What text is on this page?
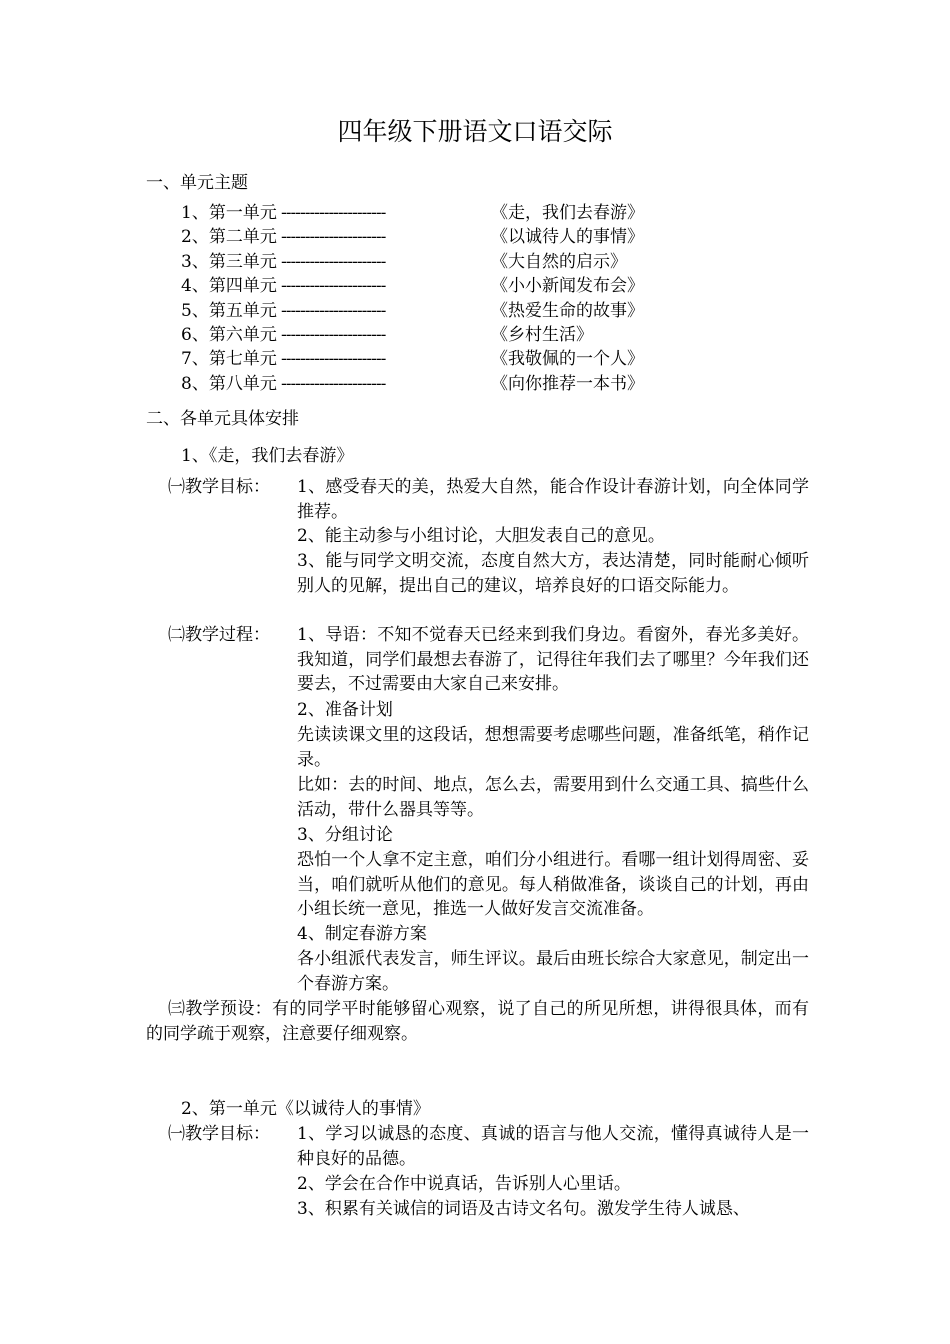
四年级下册语文口语交际
一、单元主题
1、第一单元 ----------------------	《走，我们去春游》
2、第二单元 ----------------------	《以诚待人的事情》
3、第三单元 ----------------------	《大自然的启示》
4、第四单元 ----------------------	《小小新闻发布会》
5、第五单元 ----------------------	《热爱生命的故事》
6、第六单元 ----------------------	《乡村生活》
7、第七单元 ----------------------	《我敬佩的一个人》
8、第八单元 ----------------------	《向你推荐一本书》
二、各单元具体安排
1、《走，我们去春游》
㈠教学目标： 1、感受春天的美，热爱大自然，能合作设计春游计划，向全体同学推荐。
2、能主动参与小组讨论，大胆发表自己的意见。
3、能与同学文明交流，态度自然大方，表达清楚，同时能耐心倾听别人的见解，提出自己的建议，培养良好的口语交际能力。
㈡教学过程： 1、导语：不知不觉春天已经来到我们身边。看窗外，春光多美好。我知道，同学们最想去春游了，记得往年我们去了哪里？今年我们还要去，不过需要由大家自己来安排。
2、准备计划
先读读课文里的这段话，想想需要考虑哪些问题，准备纸笔，稍作记录。
比如：去的时间、地点，怎么去，需要用到什么交通工具、搞些什么活动，带什么器具等等。
3、分组讨论
恐怕一个人拿不定主意，咱们分小组进行。看哪一组计划得周密、妥当，咱们就听从他们的意见。每人稍做准备，谈谈自己的计划，再由小组长统一意见，推选一人做好发言交流准备。
4、制定春游方案
各小组派代表发言，师生评议。最后由班长综合大家意见，制定出一个春游方案。
㈢教学预设：有的同学平时能够留心观察，说了自己的所见所想，讲得很具体，而有的同学疏于观察，注意要仔细观察。
2、第一单元《以诚待人的事情》
㈠教学目标： 1、学习以诚恳的态度、真诚的语言与他人交流，懂得真诚待人是一种良好的品德。
2、学会在合作中说真话，告诉别人心里话。
3、积累有关诚信的词语及古诗文名句。激发学生待人诚恳、
